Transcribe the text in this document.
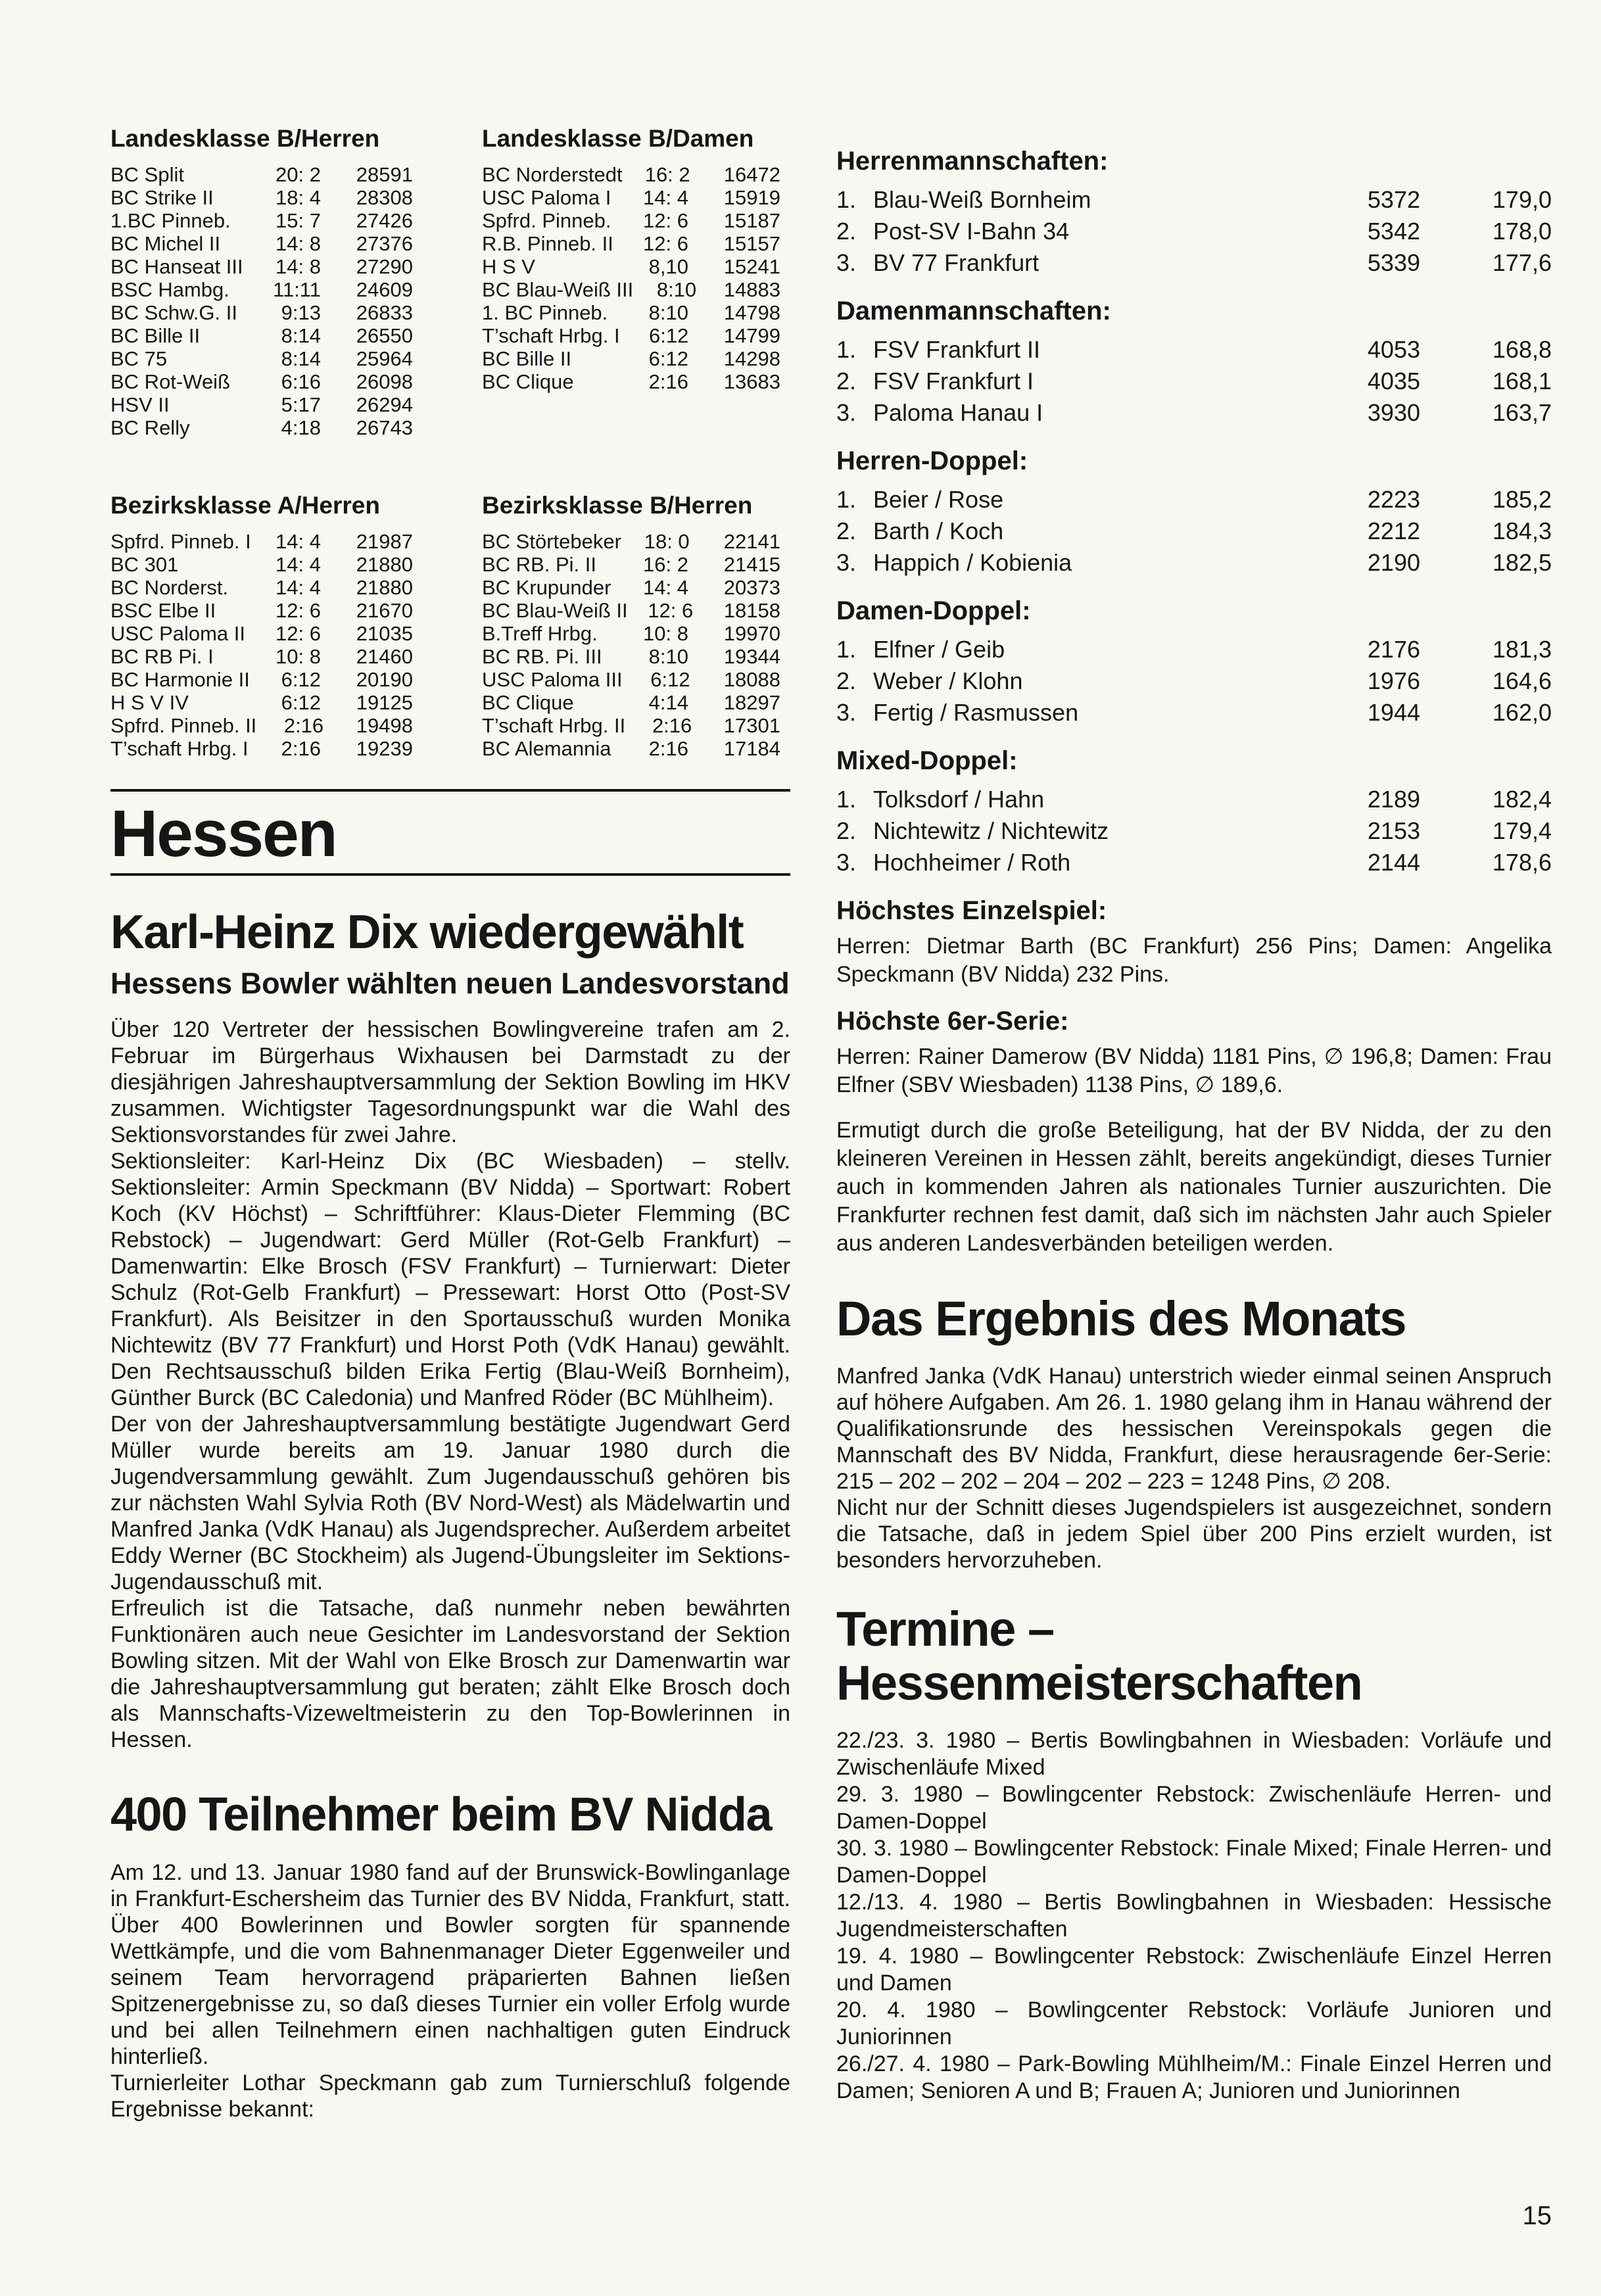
Landesklasse B/Herren
BC Split	20: 2	28591
BC Strike II	18: 4	28308
1.BC Pinneb.	15: 7	27426
BC Michel II	14: 8	27376
BC Hanseat III	14: 8	27290
BSC Hambg.	11:11	24609
BC Schw.G. II	9:13	26833
BC Bille II	8:14	26550
BC 75	8:14	25964
BC Rot-Weiß	6:16	26098
HSV II	5:17	26294
BC Relly	4:18	26743
Landesklasse B/Damen
BC Norderstedt	16: 2	16472
USC Paloma I	14: 4	15919
Spfrd. Pinneb.	12: 6	15187
R.B. Pinneb. II	12: 6	15157
H S V	8,10	15241
BC Blau-Weiß III	8:10	14883
1. BC Pinneb.	8:10	14798
T’schaft Hrbg. I	6:12	14799
BC Bille II	6:12	14298
BC Clique	2:16	13683
Bezirksklasse A/Herren
Spfrd. Pinneb. I	14: 4	21987
BC 301	14: 4	21880
BC Norderst.	14: 4	21880
BSC Elbe II	12: 6	21670
USC Paloma II	12: 6	21035
BC RB Pi. I	10: 8	21460
BC Harmonie II	6:12	20190
H S V IV	6:12	19125
Spfrd. Pinneb. II	2:16	19498
T’schaft Hrbg. I	2:16	19239
Bezirksklasse B/Herren
BC Störtebeker	18: 0	22141
BC RB. Pi. II	16: 2	21415
BC Krupunder	14: 4	20373
BC Blau-Weiß II 12: 6	18158
B.Treff Hrbg.	10: 8	19970
BC RB. Pi. III	8:10	19344
USC Paloma III	6:12	18088
BC Clique	4:14	18297
T’schaft Hrbg. II	2:16	17301
BC Alemannia	2:16	17184
Herrenmannschaften:
1. Blau-Weiß Bornheim	5372	179,0
2. Post-SV I-Bahn 34	5342	178,0
3. BV 77 Frankfurt	5339	177,6
Damenmannschaften:
1. FSV Frankfurt II	4053	168,8
2. FSV Frankfurt I	4035	168,1
3. Paloma Hanau I	3930	163,7
Herren-Doppel:
1. Beier / Rose	2223	185,2
2. Barth / Koch	2212	184,3
3. Happich / Kobienia	2190	182,5
Damen-Doppel:
1. Elfner / Geib	2176	181,3
2. Weber / Klohn	1976	164,6
3. Fertig / Rasmussen	1944	162,0
Mixed-Doppel:
1. Tolksdorf / Hahn	2189	182,4
2. Nichtewitz / Nichtewitz	2153	179,4
3. Hochheimer / Roth	2144	178,6
Höchstes Einzelspiel:
Herren: Dietmar Barth (BC Frankfurt) 256 Pins; Damen: Angelika Speckmann (BV Nidda) 232 Pins.
Höchste 6er-Serie:
Herren: Rainer Damerow (BV Nidda) 1181 Pins, ∅ 196,8; Damen: Frau Elfner (SBV Wiesbaden) 1138 Pins, ∅ 189,6.
Ermutigt durch die große Beteiligung, hat der BV Nidda, der zu den kleineren Vereinen in Hessen zählt, bereits angekündigt, dieses Turnier auch in kommenden Jahren als nationales Turnier auszurichten. Die Frankfurter rechnen fest damit, daß sich im nächsten Jahr auch Spieler aus anderen Landesverbänden beteiligen werden.
Das Ergebnis des Monats

Manfred Janka (VdK Hanau) unterstrich wieder einmal seinen Anspruch auf höhere Aufgaben. Am 26. 1. 1980 gelang ihm in Hanau während der Qualifikationsrunde des hessischen Vereinspokals gegen die Mannschaft des BV Nidda, Frankfurt, diese herausragende 6er-Serie: 215 – 202 – 202 – 204 – 202 – 223 = 1248 Pins, ∅ 208.

Nicht nur der Schnitt dieses Jugendspielers ist ausgezeichnet, sondern die Tatsache, daß in jedem Spiel über 200 Pins erzielt wurden, ist besonders hervorzuheben.

Termine –
Hessenmeisterschaften

22./23. 3. 1980 – Bertis Bowlingbahnen in Wiesbaden: Vorläufe und Zwischenläufe Mixed

29. 3. 1980 – Bowlingcenter Rebstock: Zwischenläufe Herren- und Damen-Doppel

30. 3. 1980 – Bowlingcenter Rebstock: Finale Mixed; Finale Herren- und Damen-Doppel

12./13. 4. 1980 – Bertis Bowlingbahnen in Wiesbaden: Hessische Jugendmeisterschaften

19. 4. 1980 – Bowlingcenter Rebstock: Zwischenläufe Einzel Herren und Damen

20. 4. 1980 – Bowlingcenter Rebstock: Vorläufe Junioren und Juniorinnen

26./27. 4. 1980 – Park-Bowling Mühlheim/M.: Finale Einzel Herren und Damen; Senioren A und B; Frauen A; Junioren und Juniorinnen

Hessen
Karl-Heinz Dix wiedergewählt
Hessens Bowler wählten neuen Landesvorstand

Über 120 Vertreter der hessischen Bowlingvereine trafen am 2. Februar im Bürgerhaus Wixhausen bei Darmstadt zu der diesjährigen Jahreshauptversammlung der Sektion Bowling im HKV zusammen. Wichtigster Tagesordnungspunkt war die Wahl des Sektionsvorstandes für zwei Jahre.

Sektionsleiter: Karl-Heinz Dix (BC Wiesbaden) – stellv. Sektionsleiter: Armin Speckmann (BV Nidda) – Sportwart: Robert Koch (KV Höchst) – Schriftführer: Klaus-Dieter Flemming (BC Rebstock) – Jugendwart: Gerd Müller (Rot-Gelb Frankfurt) – Damenwartin: Elke Brosch (FSV Frankfurt) – Turnierwart: Dieter Schulz (Rot-Gelb Frankfurt) – Pressewart: Horst Otto (Post-SV Frankfurt). Als Beisitzer in den Sportausschuß wurden Monika Nichtewitz (BV 77 Frankfurt) und Horst Poth (VdK Hanau) gewählt. Den Rechtsausschuß bilden Erika Fertig (Blau-Weiß Bornheim), Günther Burck (BC Caledonia) und Manfred Röder (BC Mühlheim).

Der von der Jahreshauptversammlung bestätigte Jugendwart Gerd Müller wurde bereits am 19. Januar 1980 durch die Jugendversammlung gewählt. Zum Jugendausschuß gehören bis zur nächsten Wahl Sylvia Roth (BV Nord-West) als Mädelwartin und Manfred Janka (VdK Hanau) als Jugendsprecher. Außerdem arbeitet Eddy Werner (BC Stockheim) als Jugend-Übungsleiter im Sektions-Jugendausschuß mit.

Erfreulich ist die Tatsache, daß nunmehr neben bewährten Funktionären auch neue Gesichter im Landesvorstand der Sektion Bowling sitzen. Mit der Wahl von Elke Brosch zur Damenwartin war die Jahreshauptversammlung gut beraten; zählt Elke Brosch doch als Mannschafts-Vizeweltmeisterin zu den Top-Bowlerinnen in Hessen.

400 Teilnehmer beim BV Nidda

Am 12. und 13. Januar 1980 fand auf der Brunswick-Bowlinganlage in Frankfurt-Eschersheim das Turnier des BV Nidda, Frankfurt, statt. Über 400 Bowlerinnen und Bowler sorgten für spannende Wettkämpfe, und die vom Bahnenmanager Dieter Eggenweiler und seinem Team hervorragend präparierten Bahnen ließen Spitzenergebnisse zu, so daß dieses Turnier ein voller Erfolg wurde und bei allen Teilnehmern einen nachhaltigen guten Eindruck hinterließ.

Turnierleiter Lothar Speckmann gab zum Turnierschluß folgende Ergebnisse bekannt:

15
